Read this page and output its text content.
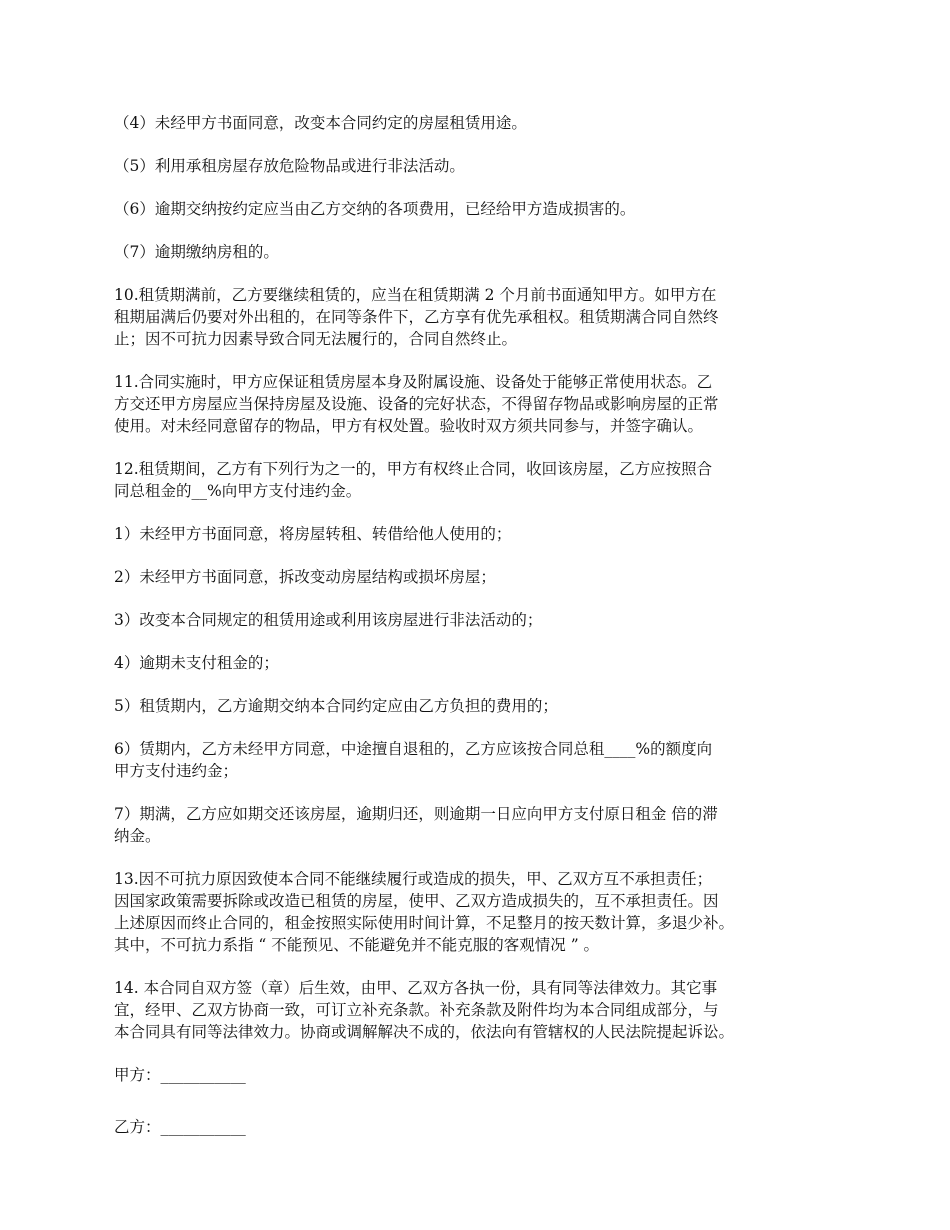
（4）未经甲方书面同意，改变本合同约定的房屋租赁用途。

（5）利用承租房屋存放危险物品或进行非法活动。

（6）逾期交纳按约定应当由乙方交纳的各项费用，已经给甲方造成损害的。

（7）逾期缴纳房租的。

10.租赁期满前，乙方要继续租赁的，应当在租赁期满 2 个月前书面通知甲方。如甲方在
租期届满后仍要对外出租的，在同等条件下，乙方享有优先承租权。租赁期满合同自然终
止；因不可抗力因素导致合同无法履行的，合同自然终止。

11.合同实施时，甲方应保证租赁房屋本身及附属设施、设备处于能够正常使用状态。乙
方交还甲方房屋应当保持房屋及设施、设备的完好状态，不得留存物品或影响房屋的正常
使用。对未经同意留存的物品，甲方有权处置。验收时双方须共同参与，并签字确认。

12.租赁期间，乙方有下列行为之一的，甲方有权终止合同，收回该房屋，乙方应按照合
同总租金的__%向甲方支付违约金。

1）未经甲方书面同意，将房屋转租、转借给他人使用的；

2）未经甲方书面同意，拆改变动房屋结构或损坏房屋；

3）改变本合同规定的租赁用途或利用该房屋进行非法活动的；

4）逾期未支付租金的；

5）租赁期内，乙方逾期交纳本合同约定应由乙方负担的费用的；

6）赁期内，乙方未经甲方同意，中途擅自退租的，乙方应该按合同总租____%的额度向
甲方支付违约金；

7）期满，乙方应如期交还该房屋，逾期归还，则逾期一日应向甲方支付原日租金 倍的滞
纳金。

13.因不可抗力原因致使本合同不能继续履行或造成的损失，甲、乙双方互不承担责任；
因国家政策需要拆除或改造已租赁的房屋，使甲、乙双方造成损失的，互不承担责任。因
上述原因而终止合同的，租金按照实际使用时间计算，不足整月的按天数计算，多退少补。
其中，不可抗力系指 “ 不能预见、不能避免并不能克服的客观情况 ” 。

14. 本合同自双方签（章）后生效，由甲、乙双方各执一份，具有同等法律效力。其它事
宜，经甲、乙双方协商一致，可订立补充条款。补充条款及附件均为本合同组成部分，与
本合同具有同等法律效力。协商或调解解决不成的，依法向有管辖权的人民法院提起诉讼。

甲方：___________

乙方：___________
